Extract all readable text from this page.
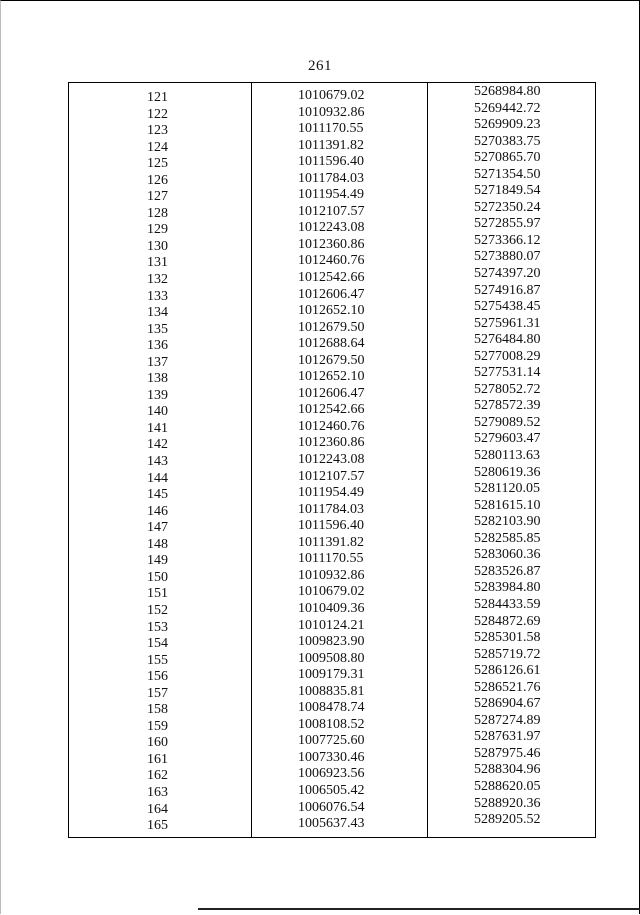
261
121	1010679.02	5268984.80
122	1010932.86	5269442.72
123	1011170.55	5269909.23
124	1011391.82	5270383.75
125	1011596.40	5270865.70
126	1011784.03	5271354.50
127	1011954.49	5271849.54
128	1012107.57	5272350.24
129	1012243.08	5272855.97
130	1012360.86	5273366.12
131	1012460.76	5273880.07
132	1012542.66	5274397.20
133	1012606.47	5274916.87
134	1012652.10	5275438.45
135	1012679.50	5275961.31
136	1012688.64	5276484.80
137	1012679.50	5277008.29
138	1012652.10	5277531.14
139	1012606.47	5278052.72
140	1012542.66	5278572.39
141	1012460.76	5279089.52
142	1012360.86	5279603.47
143	1012243.08	5280113.63
144	1012107.57	5280619.36
145	1011954.49	5281120.05
146	1011784.03	5281615.10
147	1011596.40	5282103.90
148	1011391.82	5282585.85
149	1011170.55	5283060.36
150	1010932.86	5283526.87
151	1010679.02	5283984.80
152	1010409.36	5284433.59
153	1010124.21	5284872.69
154	1009823.90	5285301.58
155	1009508.80	5285719.72
156	1009179.31	5286126.61
157	1008835.81	5286521.76
158	1008478.74	5286904.67
159	1008108.52	5287274.89
160	1007725.60	5287631.97
161	1007330.46	5287975.46
162	1006923.56	5288304.96
163	1006505.42	5288620.05
164	1006076.54	5288920.36
165	1005637.43	5289205.52
